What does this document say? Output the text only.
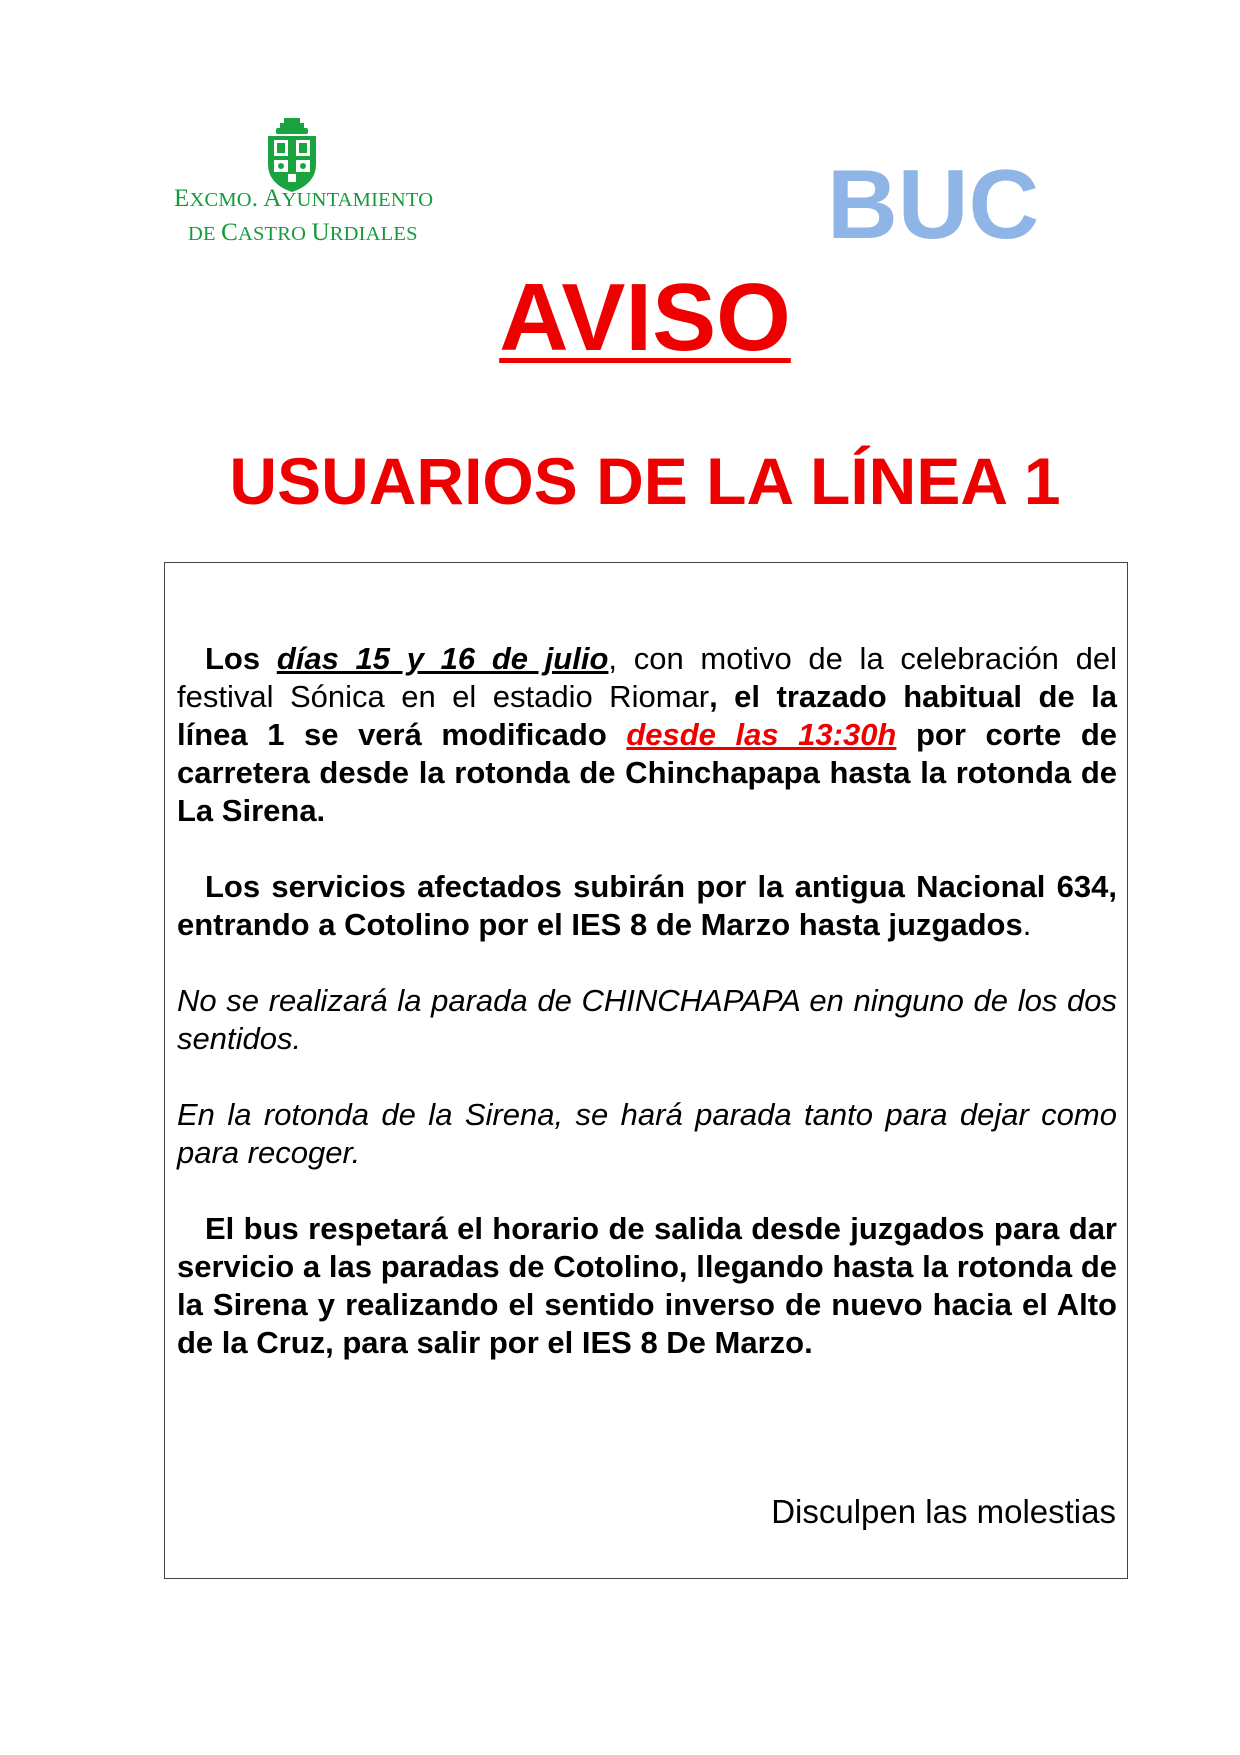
EXCMO. AYUNTAMIENTO
DE CASTRO URDIALES	BUC
AVISO
USUARIOS DE LA LÍNEA 1

Los días 15 y 16 de julio, con motivo de la celebración del festival Sónica en el estadio Riomar, el trazado habitual de la línea 1 se verá modificado desde las 13:30h por corte de carretera desde la rotonda de Chinchapapa hasta la rotonda de La Sirena.

Los servicios afectados subirán por la antigua Nacional 634, entrando a Cotolino por el IES 8 de Marzo hasta juzgados.

No se realizará la parada de CHINCHAPAPA en ninguno de los dos sentidos.

En la rotonda de la Sirena, se hará parada tanto para dejar como para recoger.

El bus respetará el horario de salida desde juzgados para dar servicio a las paradas de Cotolino, llegando hasta la rotonda de la Sirena y realizando el sentido inverso de nuevo hacia el Alto de la Cruz, para salir por el IES 8 De Marzo.

Disculpen las molestias
